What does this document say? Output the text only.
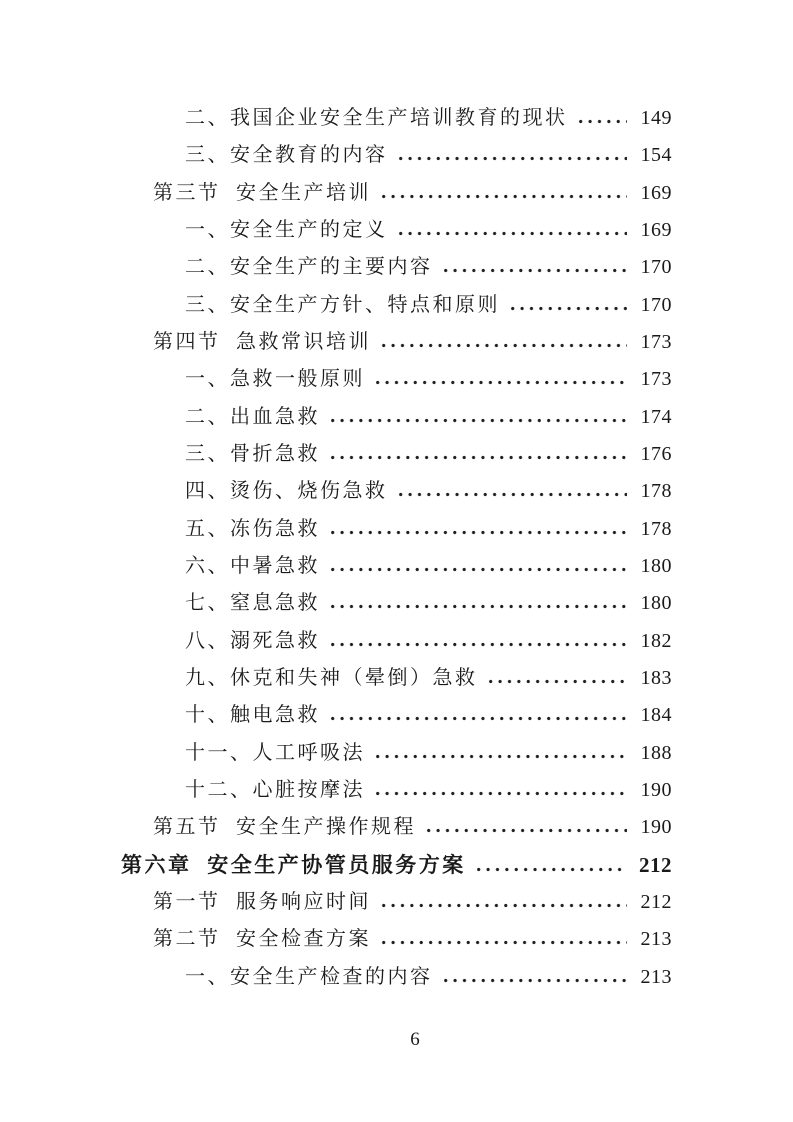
二、我国企业安全生产培训教育的现状	149
三、安全教育的内容	154
第三节 安全生产培训	169
一、安全生产的定义	169
二、安全生产的主要内容	170
三、安全生产方针、特点和原则	170
第四节 急救常识培训	173
一、急救一般原则	173
二、出血急救	174
三、骨折急救	176
四、烫伤、烧伤急救	178
五、冻伤急救	178
六、中暑急救	180
七、窒息急救	180
八、溺死急救	182
九、休克和失神（晕倒）急救	183
十、触电急救	184
十一、人工呼吸法	188
十二、心脏按摩法	190
第五节 安全生产操作规程	190
第六章 安全生产协管员服务方案	212
第一节 服务响应时间	212
第二节 安全检查方案	213
一、安全生产检查的内容	213
6
